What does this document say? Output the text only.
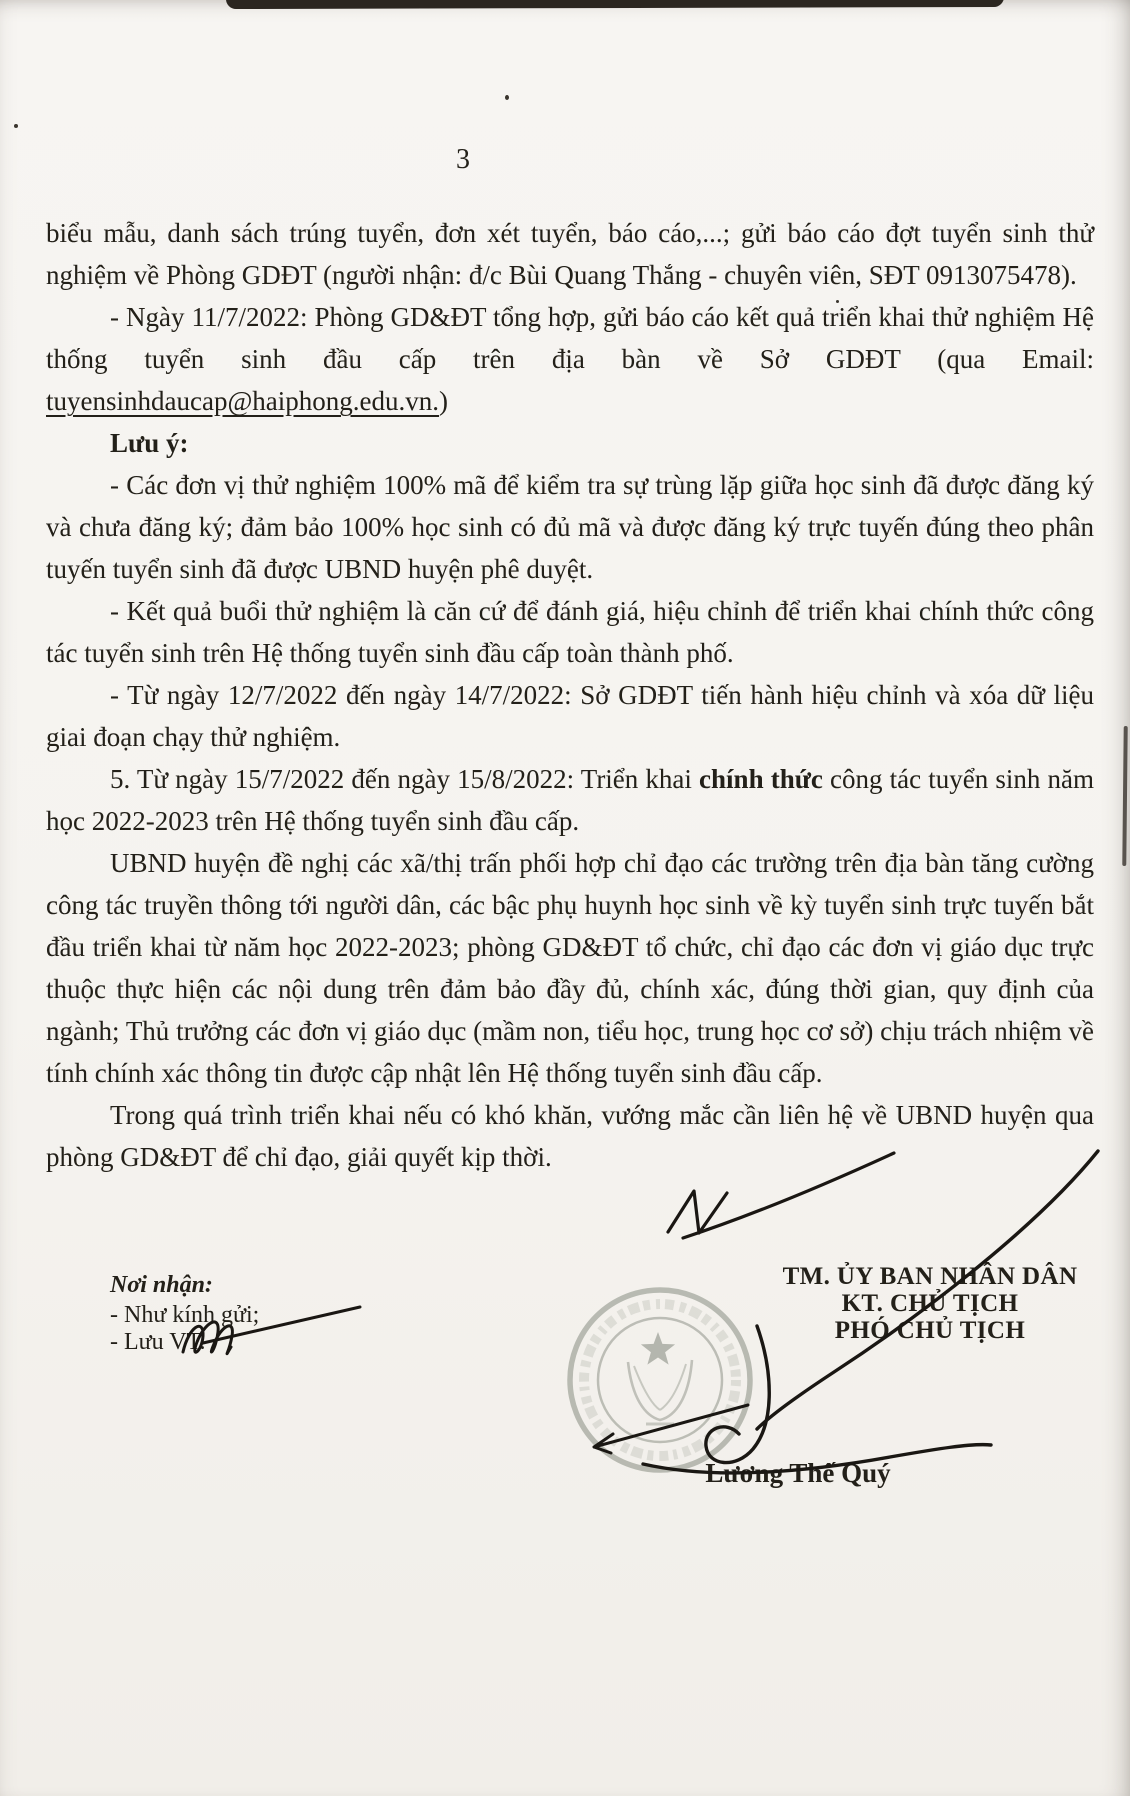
3

biểu mẫu, danh sách trúng tuyển, đơn xét tuyển, báo cáo,...; gửi báo cáo đợt tuyển sinh thử nghiệm về Phòng GDĐT (người nhận: đ/c Bùi Quang Thắng - chuyên viên, SĐT 0913075478).

- Ngày 11/7/2022: Phòng GD&ĐT tổng hợp, gửi báo cáo kết quả triển khai thử nghiệm Hệ thống tuyển sinh đầu cấp trên địa bàn về Sở GDĐT (qua Email: tuyensinhdaucap@haiphong.edu.vn.)

Lưu ý:

- Các đơn vị thử nghiệm 100% mã để kiểm tra sự trùng lặp giữa học sinh đã được đăng ký và chưa đăng ký; đảm bảo 100% học sinh có đủ mã và được đăng ký trực tuyến đúng theo phân tuyến tuyển sinh đã được UBND huyện phê duyệt.

- Kết quả buổi thử nghiệm là căn cứ để đánh giá, hiệu chỉnh để triển khai chính thức công tác tuyển sinh trên Hệ thống tuyển sinh đầu cấp toàn thành phố.

- Từ ngày 12/7/2022 đến ngày 14/7/2022: Sở GDĐT tiến hành hiệu chỉnh và xóa dữ liệu giai đoạn chạy thử nghiệm.

5. Từ ngày 15/7/2022 đến ngày 15/8/2022: Triển khai chính thức công tác tuyển sinh năm học 2022-2023 trên Hệ thống tuyển sinh đầu cấp.

UBND huyện đề nghị các xã/thị trấn phối hợp chỉ đạo các trường trên địa bàn tăng cường công tác truyền thông tới người dân, các bậc phụ huynh học sinh về kỳ tuyển sinh trực tuyến bắt đầu triển khai từ năm học 2022-2023; phòng GD&ĐT tổ chức, chỉ đạo các đơn vị giáo dục trực thuộc thực hiện các nội dung trên đảm bảo đầy đủ, chính xác, đúng thời gian, quy định của ngành; Thủ trưởng các đơn vị giáo dục (mầm non, tiểu học, trung học cơ sở) chịu trách nhiệm về tính chính xác thông tin được cập nhật lên Hệ thống tuyển sinh đầu cấp.

Trong quá trình triển khai nếu có khó khăn, vướng mắc cần liên hệ về UBND huyện qua phòng GD&ĐT để chỉ đạo, giải quyết kịp thời.

Nơi nhận:
- Như kính gửi;
- Lưu VT.
TM. ỦY BAN NHÂN DÂN
KT. CHỦ TỊCH
PHÓ CHỦ TỊCH
Lương Thế Quý
